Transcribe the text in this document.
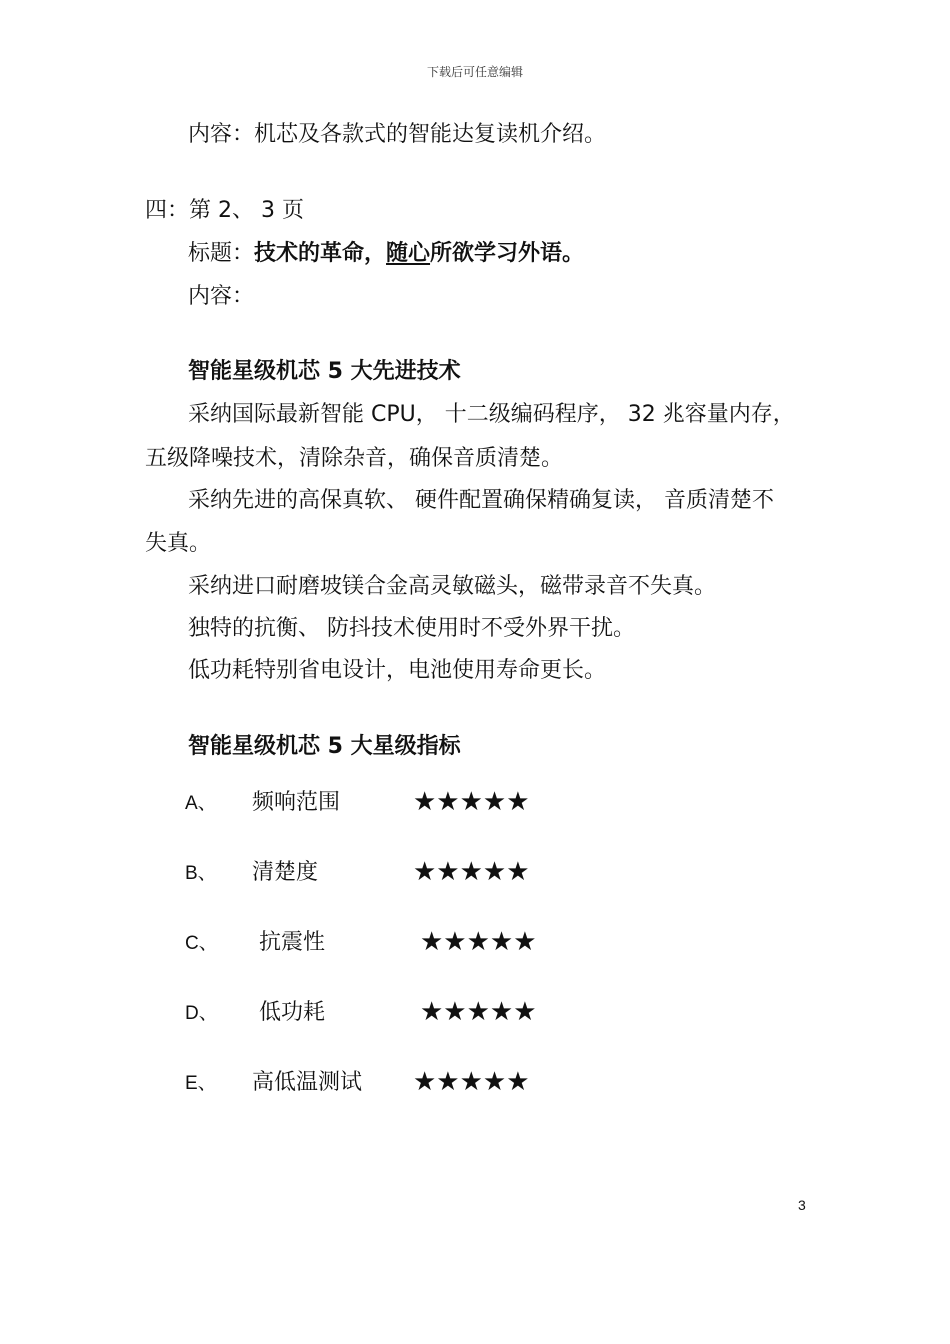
下载后可任意编辑
内容：机芯及各款式的智能达复读机介绍。
四：第 2、 3 页
标题：技术的革命，随心所欲学习外语。
内容：
智能星级机芯 5 大先进技术
采纳国际最新智能 CPU， 十二级编码程序， 32 兆容量内存，
五级降噪技术，清除杂音，确保音质清楚。
采纳先进的高保真软、 硬件配置确保精确复读， 音质清楚不
失真。
采纳进口耐磨坡镁合金高灵敏磁头，磁带录音不失真。
独特的抗衡、 防抖技术使用时不受外界干扰。
低功耗特别省电设计，电池使用寿命更长。
智能星级机芯 5 大星级指标
A、 频响范围	★★★★★
B、 清楚度	★★★★★
C、 抗震性	★★★★★
D、 低功耗	★★★★★
E、 高低温测试 ★★★★★
3
